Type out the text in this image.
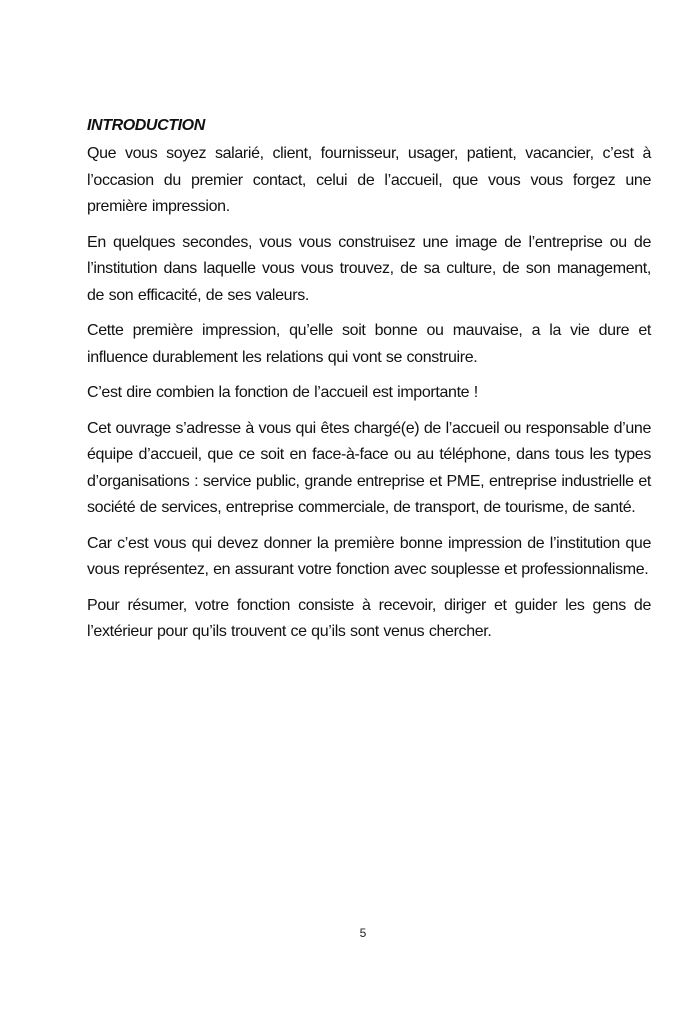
INTRODUCTION

Que vous soyez salarié, client, fournisseur, usager, patient, vacancier, c’est à l’occasion du premier contact, celui de l’accueil, que vous vous forgez une première impression.

En quelques secondes, vous vous construisez une image de l’entreprise ou de l’institution dans laquelle vous vous trouvez, de sa culture, de son management, de son efficacité, de ses valeurs.

Cette première impression, qu’elle soit bonne ou mauvaise, a la vie dure et influence durablement les relations qui vont se construire.

C’est dire combien la fonction de l’accueil est importante !

Cet ouvrage s’adresse à vous qui êtes chargé(e) de l’accueil ou responsable d’une équipe d’accueil, que ce soit en face-à-face ou au téléphone, dans tous les types d’organisations : service public, grande entreprise et PME, entreprise industrielle et société de services, entreprise commerciale, de transport, de tourisme, de santé.

Car c’est vous qui devez donner la première bonne impression de l’institution que vous représentez, en assurant votre fonction avec souplesse et professionnalisme.

Pour résumer, votre fonction consiste à recevoir, diriger et guider les gens de l’extérieur pour qu’ils trouvent ce qu’ils sont venus chercher.

5
